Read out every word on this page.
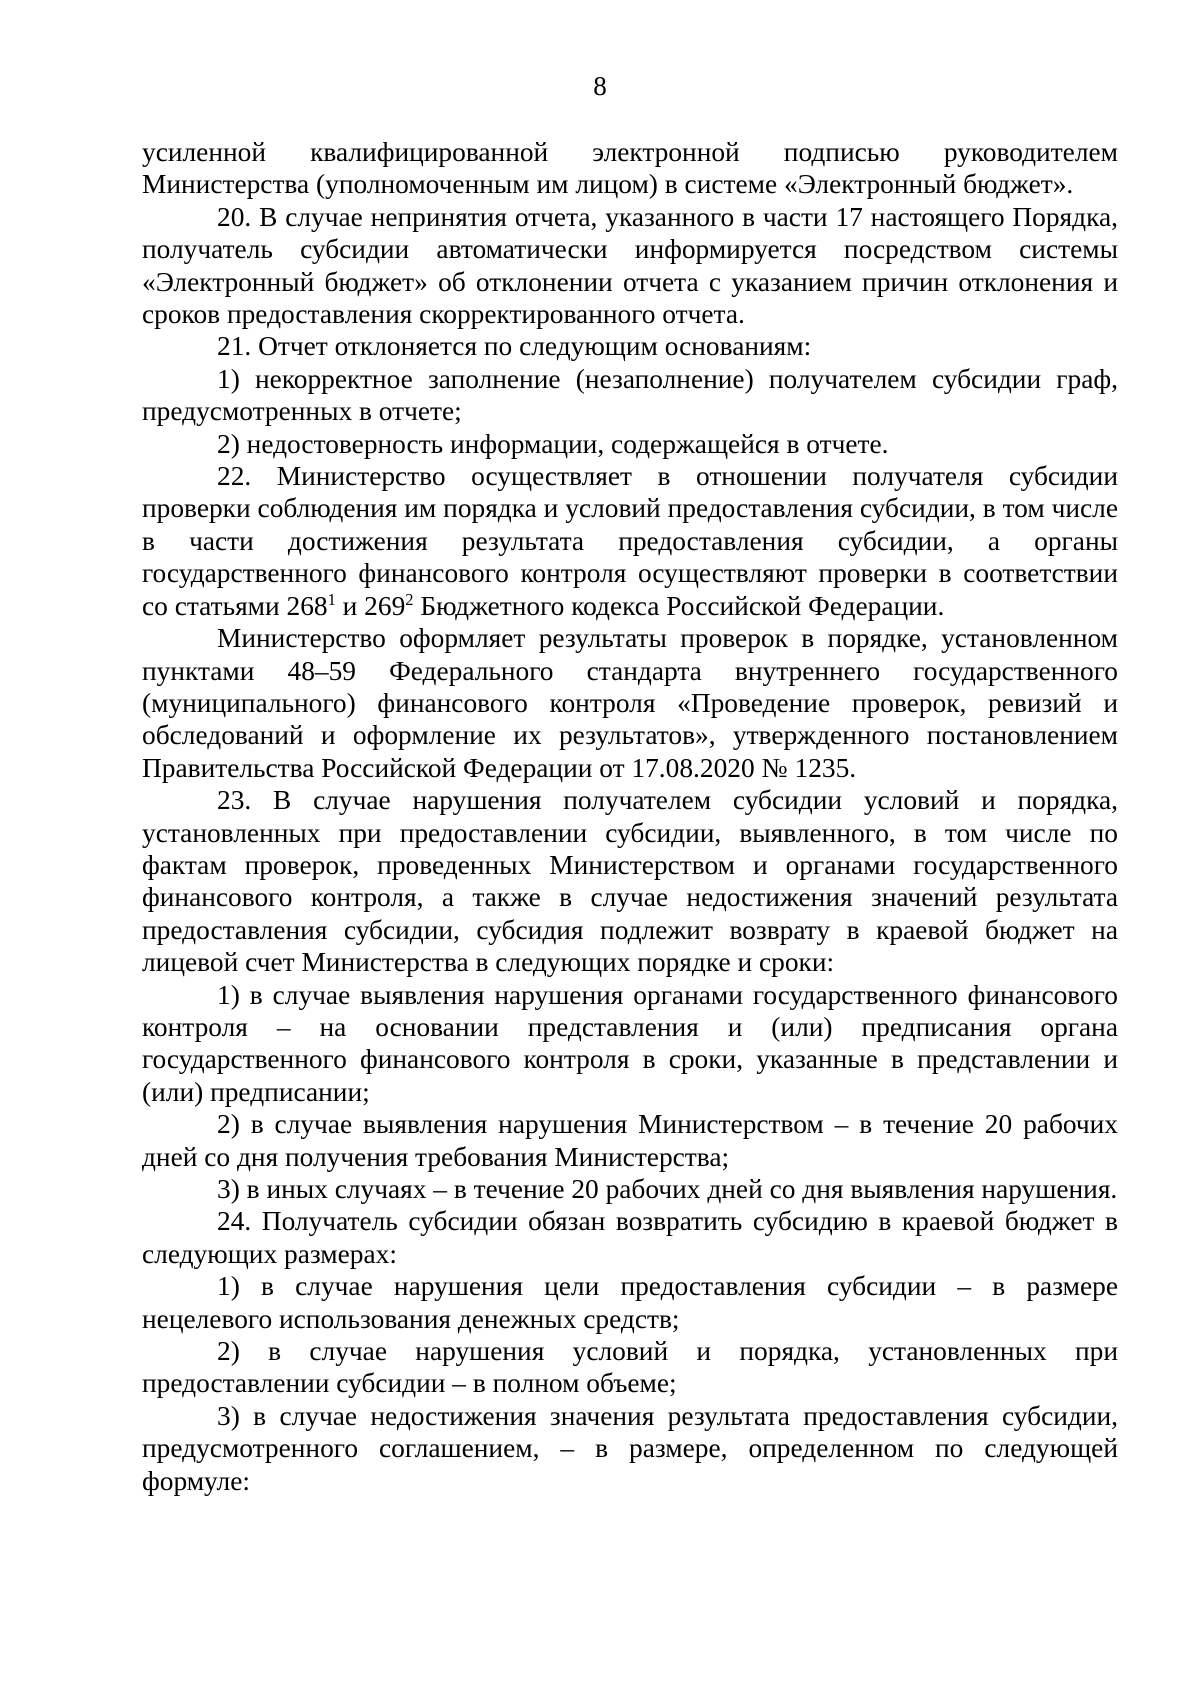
8

усиленной квалифицированной электронной подписью руководителем Министерства (уполномоченным им лицом) в системе «Электронный бюджет».

20. В случае непринятия отчета, указанного в части 17 настоящего Порядка, получатель субсидии автоматически информируется посредством системы «Электронный бюджет» об отклонении отчета с указанием причин отклонения и сроков предоставления скорректированного отчета.

21. Отчет отклоняется по следующим основаниям:

1) некорректное заполнение (незаполнение) получателем субсидии граф, предусмотренных в отчете;

2) недостоверность информации, содержащейся в отчете.

22. Министерство осуществляет в отношении получателя субсидии проверки соблюдения им порядка и условий предоставления субсидии, в том числе в части достижения результата предоставления субсидии, а органы государственного финансового контроля осуществляют проверки в соответствии со статьями $268^1$ и $269^2$ Бюджетного кодекса Российской Федерации.

Министерство оформляет результаты проверок в порядке, установленном пунктами 48–59 Федерального стандарта внутреннего государственного (муниципального) финансового контроля «Проведение проверок, ревизий и обследований и оформление их результатов», утвержденного постановлением Правительства Российской Федерации от 17.08.2020 № 1235.

23. В случае нарушения получателем субсидии условий и порядка, установленных при предоставлении субсидии, выявленного, в том числе по фактам проверок, проведенных Министерством и органами государственного финансового контроля, а также в случае недостижения значений результата предоставления субсидии, субсидия подлежит возврату в краевой бюджет на лицевой счет Министерства в следующих порядке и сроки:

1) в случае выявления нарушения органами государственного финансового контроля – на основании представления и (или) предписания органа государственного финансового контроля в сроки, указанные в представлении и (или) предписании;

2) в случае выявления нарушения Министерством – в течение 20 рабочих дней со дня получения требования Министерства;

3) в иных случаях – в течение 20 рабочих дней со дня выявления нарушения.

24. Получатель субсидии обязан возвратить субсидию в краевой бюджет в следующих размерах:

1) в случае нарушения цели предоставления субсидии – в размере нецелевого использования денежных средств;

2) в случае нарушения условий и порядка, установленных при предоставлении субсидии – в полном объеме;

3) в случае недостижения значения результата предоставления субсидии, предусмотренного соглашением, – в размере, определенном по следующей формуле:
